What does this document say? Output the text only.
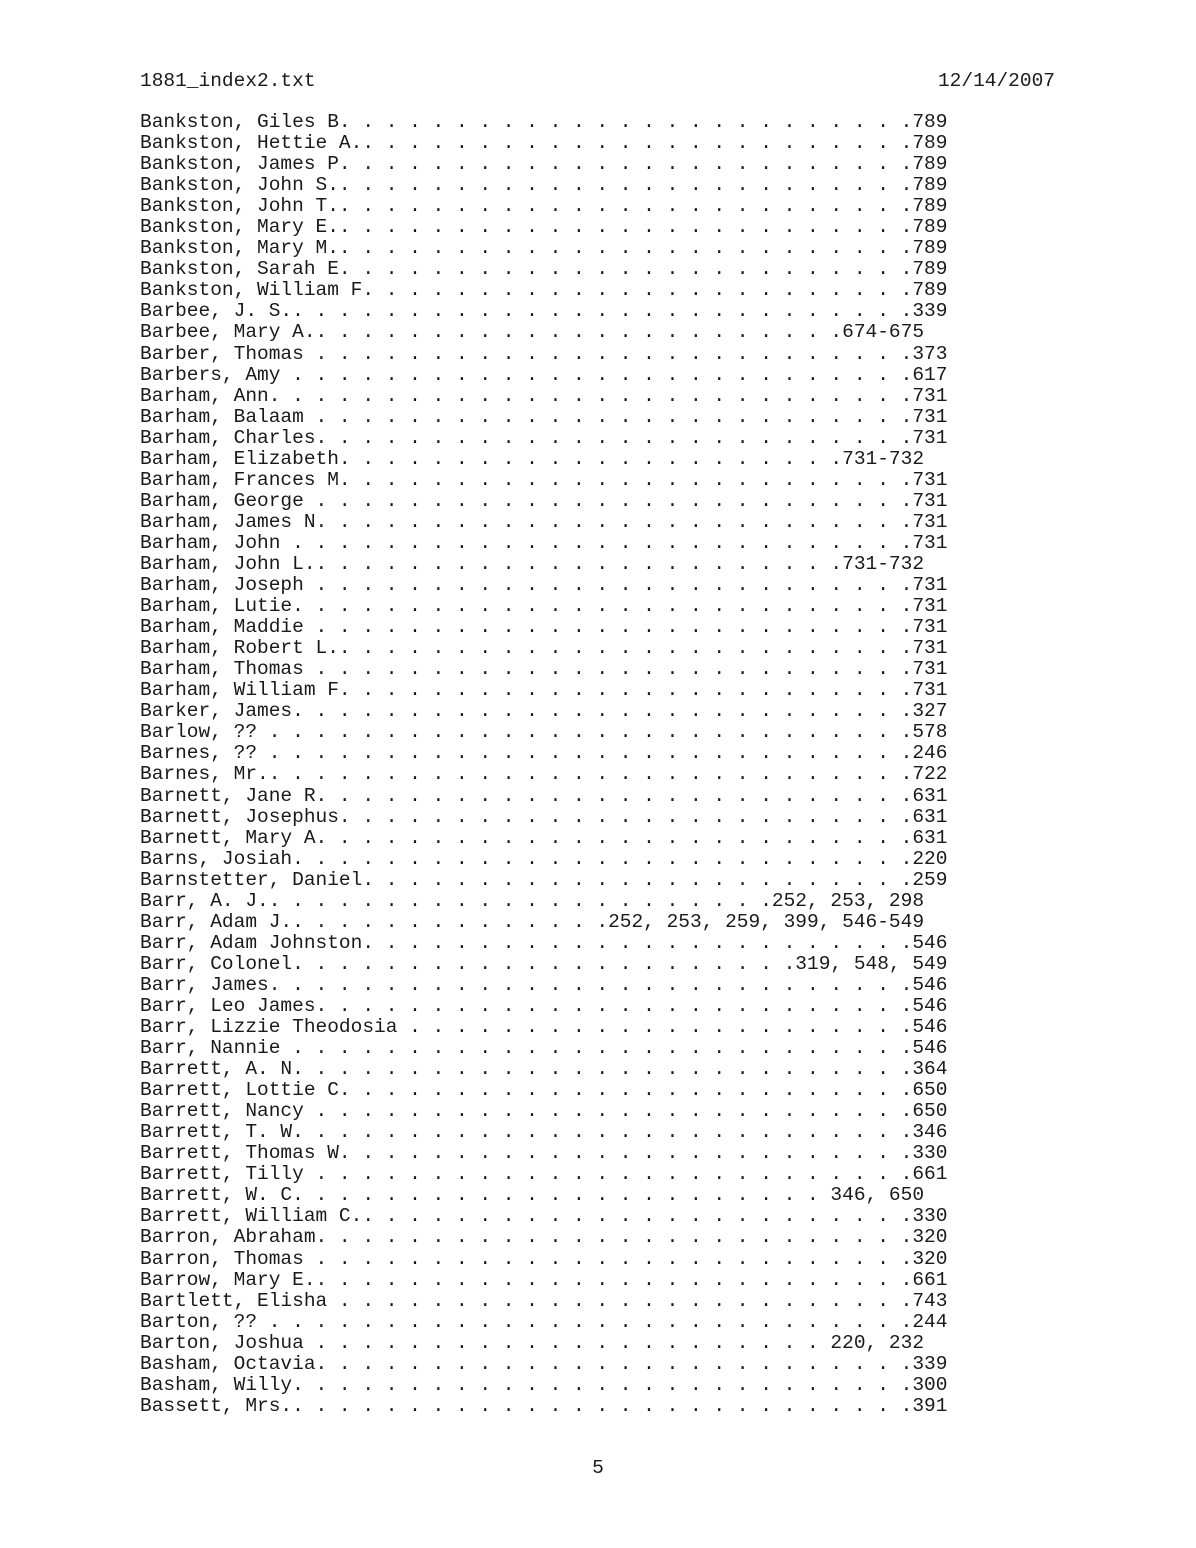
1881_index2.txt	12/14/2007
Bankston, Giles B. . . . . . . . . . . . . . . . . . . . . . . . .789
Bankston, Hettie A.. . . . . . . . . . . . . . . . . . . . . . . .789
Bankston, James P. . . . . . . . . . . . . . . . . . . . . . . . .789
Bankston, John S.. . . . . . . . . . . . . . . . . . . . . . . . .789
Bankston, John T.. . . . . . . . . . . . . . . . . . . . . . . . .789
Bankston, Mary E.. . . . . . . . . . . . . . . . . . . . . . . . .789
Bankston, Mary M.. . . . . . . . . . . . . . . . . . . . . . . . .789
Bankston, Sarah E. . . . . . . . . . . . . . . . . . . . . . . . .789
Bankston, William F. . . . . . . . . . . . . . . . . . . . . . . .789
Barbee, J. S.. . . . . . . . . . . . . . . . . . . . . . . . . . .339
Barbee, Mary A.. . . . . . . . . . . . . . . . . . . . . . .674-675
Barber, Thomas . . . . . . . . . . . . . . . . . . . . . . . . . .373
Barbers, Amy . . . . . . . . . . . . . . . . . . . . . . . . . . .617
Barham, Ann. . . . . . . . . . . . . . . . . . . . . . . . . . . .731
Barham, Balaam . . . . . . . . . . . . . . . . . . . . . . . . . .731
Barham, Charles. . . . . . . . . . . . . . . . . . . . . . . . . .731
Barham, Elizabeth. . . . . . . . . . . . . . . . . . . . . .731-732
Barham, Frances M. . . . . . . . . . . . . . . . . . . . . . . . .731
Barham, George . . . . . . . . . . . . . . . . . . . . . . . . . .731
Barham, James N. . . . . . . . . . . . . . . . . . . . . . . . . .731
Barham, John . . . . . . . . . . . . . . . . . . . . . . . . . . .731
Barham, John L.. . . . . . . . . . . . . . . . . . . . . . .731-732
Barham, Joseph . . . . . . . . . . . . . . . . . . . . . . . . . .731
Barham, Lutie. . . . . . . . . . . . . . . . . . . . . . . . . . .731
Barham, Maddie . . . . . . . . . . . . . . . . . . . . . . . . . .731
Barham, Robert L.. . . . . . . . . . . . . . . . . . . . . . . . .731
Barham, Thomas . . . . . . . . . . . . . . . . . . . . . . . . . .731
Barham, William F. . . . . . . . . . . . . . . . . . . . . . . . .731
Barker, James. . . . . . . . . . . . . . . . . . . . . . . . . . .327
Barlow, ?? . . . . . . . . . . . . . . . . . . . . . . . . . . . .578
Barnes, ?? . . . . . . . . . . . . . . . . . . . . . . . . . . . .246
Barnes, Mr.. . . . . . . . . . . . . . . . . . . . . . . . . . . .722
Barnett, Jane R. . . . . . . . . . . . . . . . . . . . . . . . . .631
Barnett, Josephus. . . . . . . . . . . . . . . . . . . . . . . . .631
Barnett, Mary A. . . . . . . . . . . . . . . . . . . . . . . . . .631
Barns, Josiah. . . . . . . . . . . . . . . . . . . . . . . . . . .220
Barnstetter, Daniel. . . . . . . . . . . . . . . . . . . . . . . .259
Barr, A. J.. . . . . . . . . . . . . . . . . . . . . .252, 253, 298
Barr, Adam J.. . . . . . . . . . . . . .252, 253, 259, 399, 546-549
Barr, Adam Johnston. . . . . . . . . . . . . . . . . . . . . . . .546
Barr, Colonel. . . . . . . . . . . . . . . . . . . . . .319, 548, 549
Barr, James. . . . . . . . . . . . . . . . . . . . . . . . . . . .546
Barr, Leo James. . . . . . . . . . . . . . . . . . . . . . . . . .546
Barr, Lizzie Theodosia . . . . . . . . . . . . . . . . . . . . . .546
Barr, Nannie . . . . . . . . . . . . . . . . . . . . . . . . . . .546
Barrett, A. N. . . . . . . . . . . . . . . . . . . . . . . . . . .364
Barrett, Lottie C. . . . . . . . . . . . . . . . . . . . . . . . .650
Barrett, Nancy . . . . . . . . . . . . . . . . . . . . . . . . . .650
Barrett, T. W. . . . . . . . . . . . . . . . . . . . . . . . . . .346
Barrett, Thomas W. . . . . . . . . . . . . . . . . . . . . . . . .330
Barrett, Tilly . . . . . . . . . . . . . . . . . . . . . . . . . .661
Barrett, W. C. . . . . . . . . . . . . . . . . . . . . . . 346, 650
Barrett, William C.. . . . . . . . . . . . . . . . . . . . . . . .330
Barron, Abraham. . . . . . . . . . . . . . . . . . . . . . . . . .320
Barron, Thomas . . . . . . . . . . . . . . . . . . . . . . . . . .320
Barrow, Mary E.. . . . . . . . . . . . . . . . . . . . . . . . . .661
Bartlett, Elisha . . . . . . . . . . . . . . . . . . . . . . . . .743
Barton, ?? . . . . . . . . . . . . . . . . . . . . . . . . . . . .244
Barton, Joshua . . . . . . . . . . . . . . . . . . . . . . 220, 232
Basham, Octavia. . . . . . . . . . . . . . . . . . . . . . . . . .339
Basham, Willy. . . . . . . . . . . . . . . . . . . . . . . . . . .300
Bassett, Mrs.. . . . . . . . . . . . . . . . . . . . . . . . . . .391
5
